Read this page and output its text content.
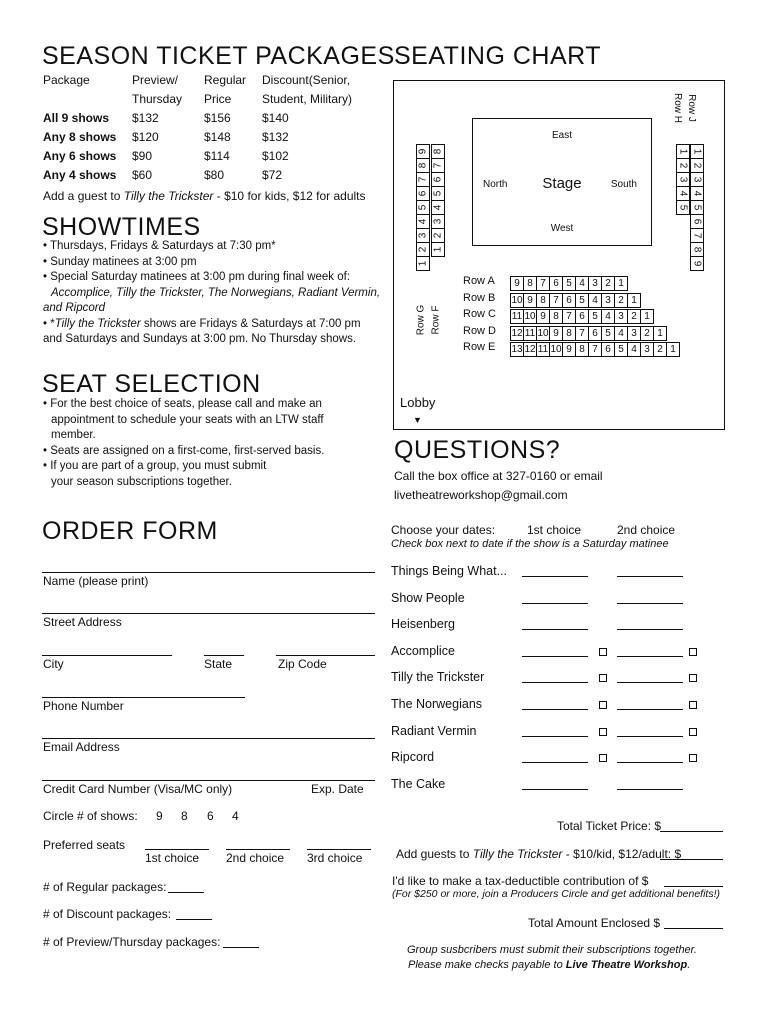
SEASON TICKET PACKAGES
Package	Preview/	Regular	Discount(Senior,
	Thursday	Price	Student, Military)
All 9 shows	$132	$156	$140
Any 8 shows	$120	$148	$132
Any 6 shows	$90	$114	$102
Any 4 shows	$60	$80	$72
Add a guest to Tilly the Trickster - $10 for kids, $12 for adults
SHOWTIMES
• Thursdays, Fridays & Saturdays at 7:30 pm*
• Sunday matinees at 3:00 pm
• Special Saturday matinees at 3:00 pm during final week of:
Accomplice, Tilly the Trickster, The Norwegians, Radiant Vermin,
and Ripcord
• *Tilly the Trickster shows are Fridays & Saturdays at 7:00 pm
and Saturdays and Sundays at 3:00 pm. No Thursday shows.
SEAT SELECTION
• For the best choice of seats, please call and make an
appointment to schedule your seats with an LTW staff
member.
• Seats are assigned on a first-come, first-served basis.
• If you are part of a group, you must submit
your season subscriptions together.
ORDER FORM
Name (please print)
Street Address
City	State	Zip Code
Phone Number
Email Address
Credit Card Number (Visa/MC only)	Exp. Date
Circle # of shows: 9 8 6 4
Preferred seats
1st choice 2nd choice 3rd choice
# of Regular packages:
# of Discount packages:
# of Preview/Thursday packages:
SEATING CHART
East
Stage
North	South
West
9
8
7
6
5
4
3
2
1
8
7
6
5
4
3
2
1
Row G Row F
1
2
3
4
5
1
2
3
4
5
6
7
8
9
Row H Row J
Row A	9 8 7 6 5 4 3 2 1
Row B 10 9 8 7 6 5 4 3 2 1
Row C 11 10 9 8 7 6 5 4 3 2 1
Row D 12 11 10 9 8 7 6 5 4 3 2 1
Row E 13 12 11 10 9 8 7 6 5 4 3 2 1
Lobby
▼
QUESTIONS?
Call the box office at 327-0160 or email
livetheatreworkshop@gmail.com
Choose your dates:	1st choice	2nd choice
Check box next to date if the show is a Saturday matinee
Things Being What...
Show People
Heisenberg
Accomplice
Tilly the Trickster
The Norwegians
Radiant Vermin
Ripcord
The Cake
Total Ticket Price: $
Add guests to Tilly the Trickster - $10/kid, $12/adult: $
I'd like to make a tax-deductible contribution of $
(For $250 or more, join a Producers Circle and get additional benefits!)
Total Amount Enclosed $
Group susbcribers must submit their subscriptions together.
Please make checks payable to Live Theatre Workshop.
